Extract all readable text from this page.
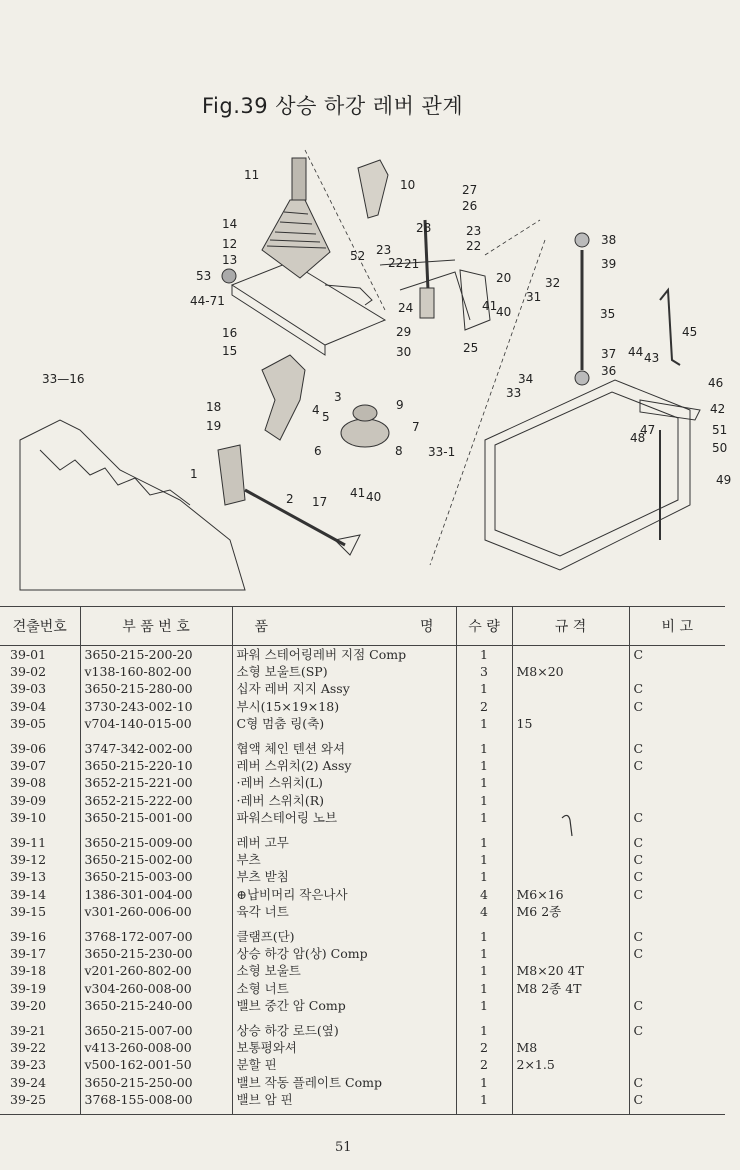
Fig.39 상승 하강 레버 관계
11
10	27
26
14	28	23
22
12	23
22 21
13	52
20
38
39
53
44-71	24
32
31
41
40	35
45
16	29
25
15	30	37 44 43
36
34
33
33—16	46
3
18	9	42
4
19
5
51
6
7
48
47
50
8 33-1
1	49
2	41 40
17
견출번호	부 품 번 호	품 명	수 량	규 격	비 고
39-01	3650-215-200-20	파워 스테어링레버 지점 Comp	1		C
39-02	v138-160-802-00	소형 보울트(SP)	3	M8×20	
39-03	3650-215-280-00	십자 레버 지지 Assy	1		C
39-04	3730-243-002-10	부시(15×19×18)	2		C
39-05	v704-140-015-00	C형 멈춤 링(축)	1	15	
39-06	3747-342-002-00	협액 체인 텐션 와셔	1		C
39-07	3650-215-220-10	레버 스위치(2) Assy	1		C
39-08	3652-215-221-00	·레버 스위치(L)	1		
39-09	3652-215-222-00	·레버 스위치(R)	1		
39-10	3650-215-001-00	파워스테어링 노브	1		C
39-11	3650-215-009-00	레버 고무	1		C
39-12	3650-215-002-00	부츠	1		C
39-13	3650-215-003-00	부츠 받침	1		C
39-14	1386-301-004-00	⊕납비머리 작은나사	4	M6×16	C
39-15	v301-260-006-00	육각 너트	4	M6 2종	
39-16	3768-172-007-00	클램프(단)	1		C
39-17	3650-215-230-00	상승 하강 암(상) Comp	1		C
39-18	v201-260-802-00	소형 보울트	1	M8×20 4T	
39-19	v304-260-008-00	소형 너트	1	M8 2종 4T	
39-20	3650-215-240-00	밸브 중간 암 Comp	1		C
39-21	3650-215-007-00	상승 하강 로드(옆)	1		C
39-22	v413-260-008-00	보통평와셔	2	M8	
39-23	v500-162-001-50	분할 핀	2	2×1.5	
39-24	3650-215-250-00	밸브 작동 플레이트 Comp	1		C
39-25	3768-155-008-00	밸브 암 핀	1		C
51
